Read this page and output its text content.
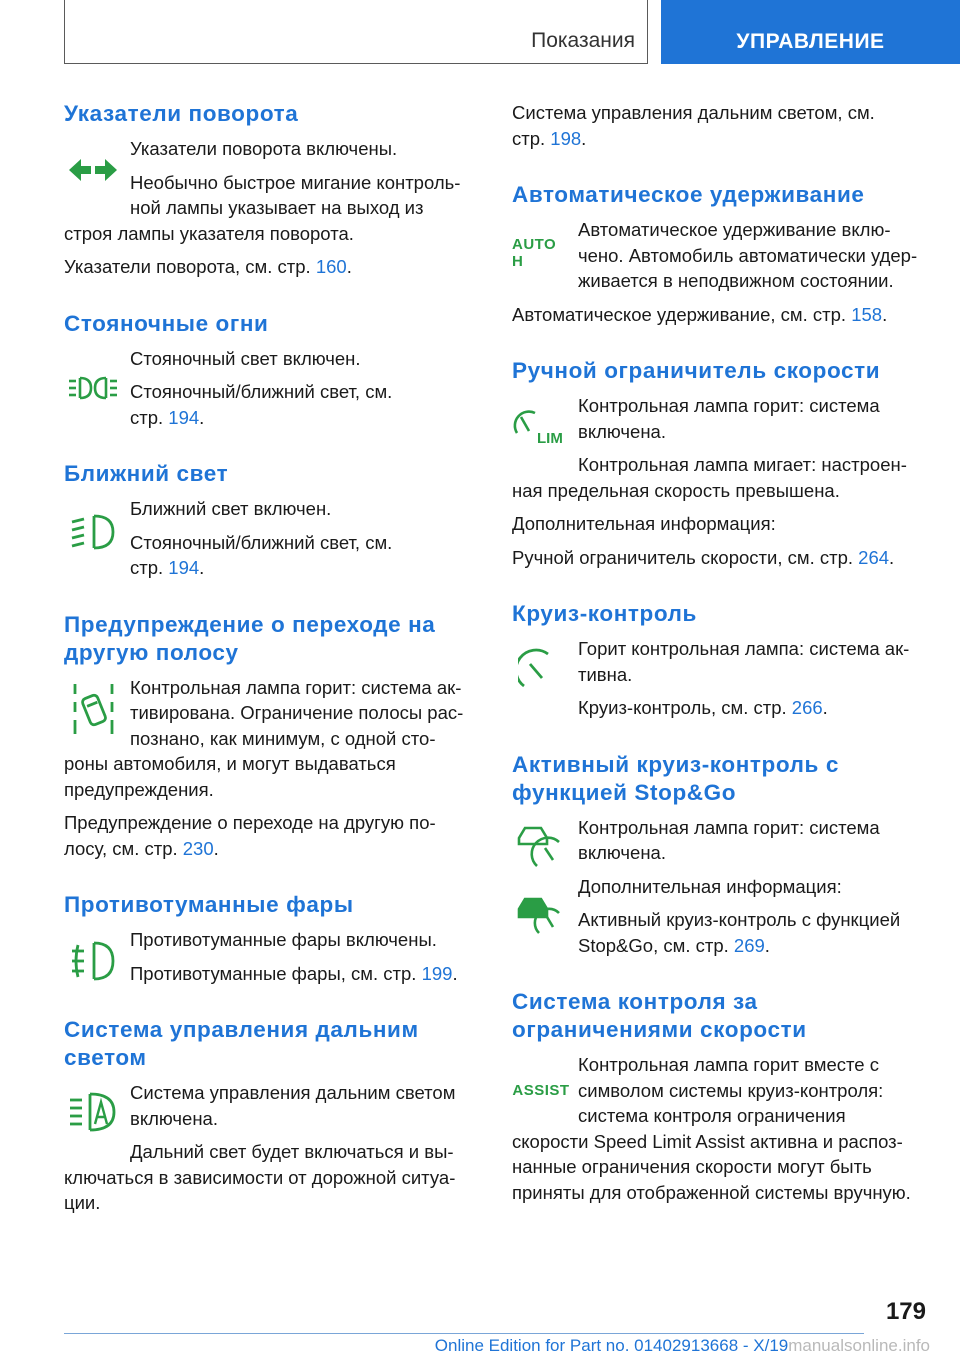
Показания	УПРАВЛЕНИЕ
Указатели поворота

Указатели поворота включены.

Необычно быстрое мигание контроль-
ной лампы указывает на выход из
строя лампы указателя поворота.

Указатели поворота, см. стр. 160.

Стояночные огни

Стояночный свет включен.

Стояночный/ближний свет, см.
стр. 194.

Ближний свет

Ближний свет включен.

Стояночный/ближний свет, см.
стр. 194.

Предупреждение о переходе на
другую полосу

Контрольная лампа горит: система ак-
тивирована. Ограничение полосы рас-
познано, как минимум, с одной сто-
роны автомобиля, и могут выдаваться
предупреждения.

Предупреждение о переходе на другую по-
лосу, см. стр. 230.

Противотуманные фары

Противотуманные фары включены.

Противотуманные фары, см. стр. 199.

Система управления дальним
светом

Система управления дальним светом
включена.

Дальний свет будет включаться и вы-
ключаться в зависимости от дорожной ситуа-
ции.

Система управления дальним светом, см.
стр. 198.

Автоматическое удерживание
AUTO H

Автоматическое удерживание вклю-
чено. Автомобиль автоматически удер-
живается в неподвижном состоянии.

Автоматическое удерживание, см. стр. 158.

Ручной ограничитель скорости
LIM

Контрольная лампа горит: система
включена.

Контрольная лампа мигает: настроен-
ная предельная скорость превышена.

Дополнительная информация:

Ручной ограничитель скорости, см. стр. 264.

Круиз-контроль

Горит контрольная лампа: система ак-
тивна.

Круиз-контроль, см. стр. 266.

Активный круиз-контроль с
функцией Stop&Go

Контрольная лампа горит: система
включена.

Дополнительная информация:

Активный круиз-контроль с функцией
Stop&Go, см. стр. 269.

Система контроля за
ограничениями скорости
ASSIST

Контрольная лампа горит вместе с
символом системы круиз-контроля:
система контроля ограничения
скорости Speed Limit Assist активна и распоз-
нанные ограничения скорости могут быть
приняты для отображенной системы вручную.

179
Online Edition for Part no. 01402913668 - X/19manualsonline.info
